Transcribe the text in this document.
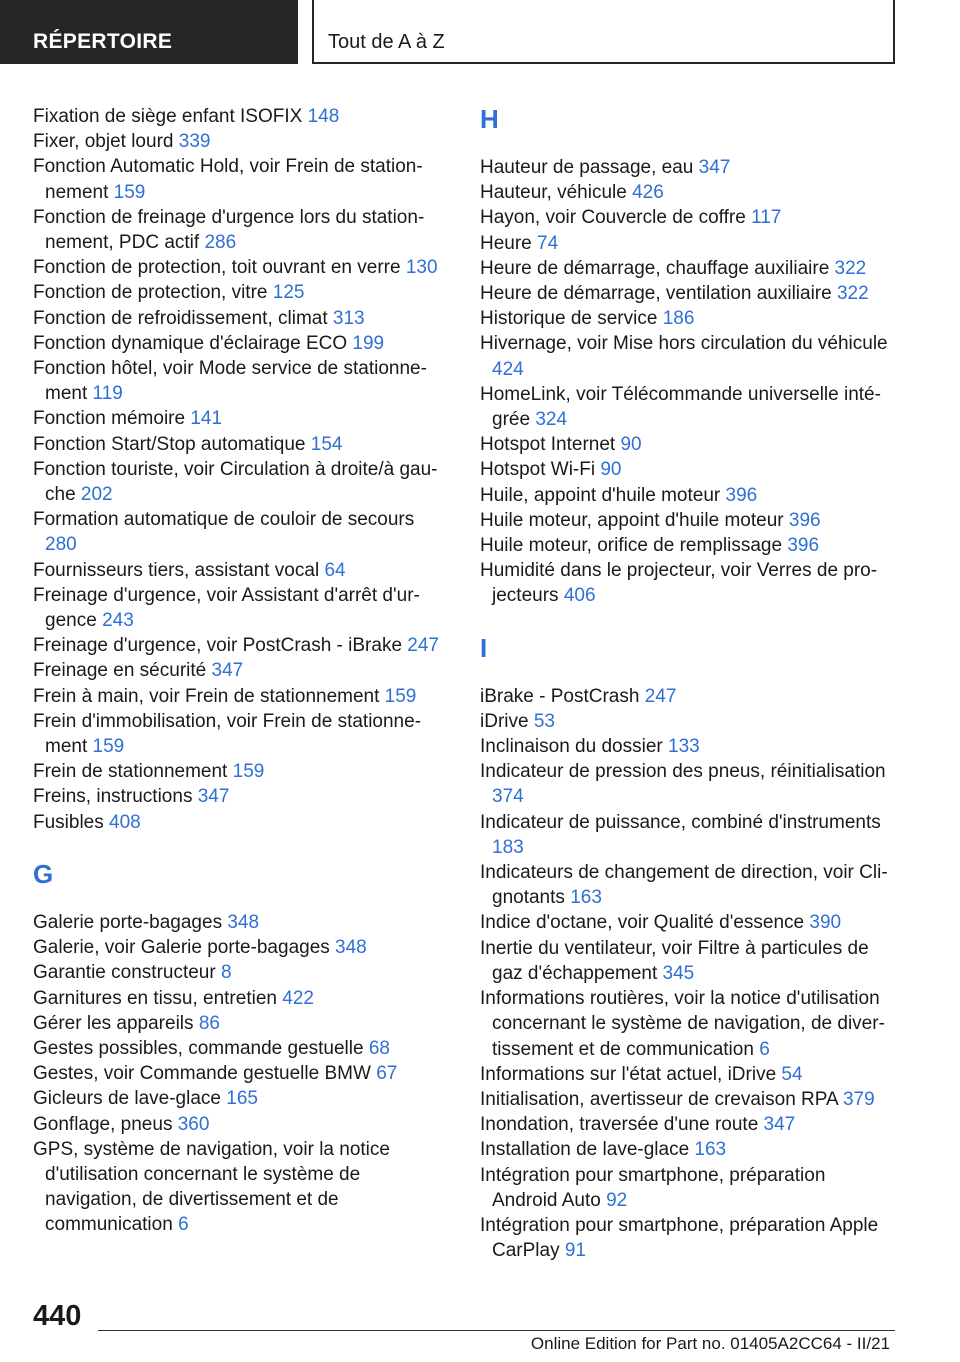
RÉPERTOIRE	Tout de A à Z
Fixation de siège enfant ISOFIX 148
Fixer, objet lourd 339
Fonction Automatic Hold, voir Frein de stationnement 159
Fonction de freinage d'urgence lors du stationnement, PDC actif 286
Fonction de protection, toit ouvrant en verre 130
Fonction de protection, vitre 125
Fonction de refroidissement, climat 313
Fonction dynamique d'éclairage ECO 199
Fonction hôtel, voir Mode service de stationnement 119
Fonction mémoire 141
Fonction Start/Stop automatique 154
Fonction touriste, voir Circulation à droite/à gauche 202
Formation automatique de couloir de secours 280
Fournisseurs tiers, assistant vocal 64
Freinage d'urgence, voir Assistant d'arrêt d'urgence 243
Freinage d'urgence, voir PostCrash - iBrake 247
Freinage en sécurité 347
Frein à main, voir Frein de stationnement 159
Frein d'immobilisation, voir Frein de stationnement 159
Frein de stationnement 159
Freins, instructions 347
Fusibles 408
G
Galerie porte-bagages 348
Galerie, voir Galerie porte-bagages 348
Garantie constructeur 8
Garnitures en tissu, entretien 422
Gérer les appareils 86
Gestes possibles, commande gestuelle 68
Gestes, voir Commande gestuelle BMW 67
Gicleurs de lave-glace 165
Gonflage, pneus 360
GPS, système de navigation, voir la notice d'utilisation concernant le système de navigation, de divertissement et de communication 6
H
Hauteur de passage, eau 347
Hauteur, véhicule 426
Hayon, voir Couvercle de coffre 117
Heure 74
Heure de démarrage, chauffage auxiliaire 322
Heure de démarrage, ventilation auxiliaire 322
Historique de service 186
Hivernage, voir Mise hors circulation du véhicule 424
HomeLink, voir Télécommande universelle intégrée 324
Hotspot Internet 90
Hotspot Wi-Fi 90
Huile, appoint d'huile moteur 396
Huile moteur, appoint d'huile moteur 396
Huile moteur, orifice de remplissage 396
Humidité dans le projecteur, voir Verres de projecteurs 406
I
iBrake - PostCrash 247
iDrive 53
Inclinaison du dossier 133
Indicateur de pression des pneus, réinitialisation 374
Indicateur de puissance, combiné d'instruments 183
Indicateurs de changement de direction, voir Clignotants 163
Indice d'octane, voir Qualité d'essence 390
Inertie du ventilateur, voir Filtre à particules de gaz d'échappement 345
Informations routières, voir la notice d'utilisation concernant le système de navigation, de divertissement et de communication 6
Informations sur l'état actuel, iDrive 54
Initialisation, avertisseur de crevaison RPA 379
Inondation, traversée d'une route 347
Installation de lave-glace 163
Intégration pour smartphone, préparation Android Auto 92
Intégration pour smartphone, préparation Apple CarPlay 91
440
Online Edition for Part no. 01405A2CC64 - II/21
